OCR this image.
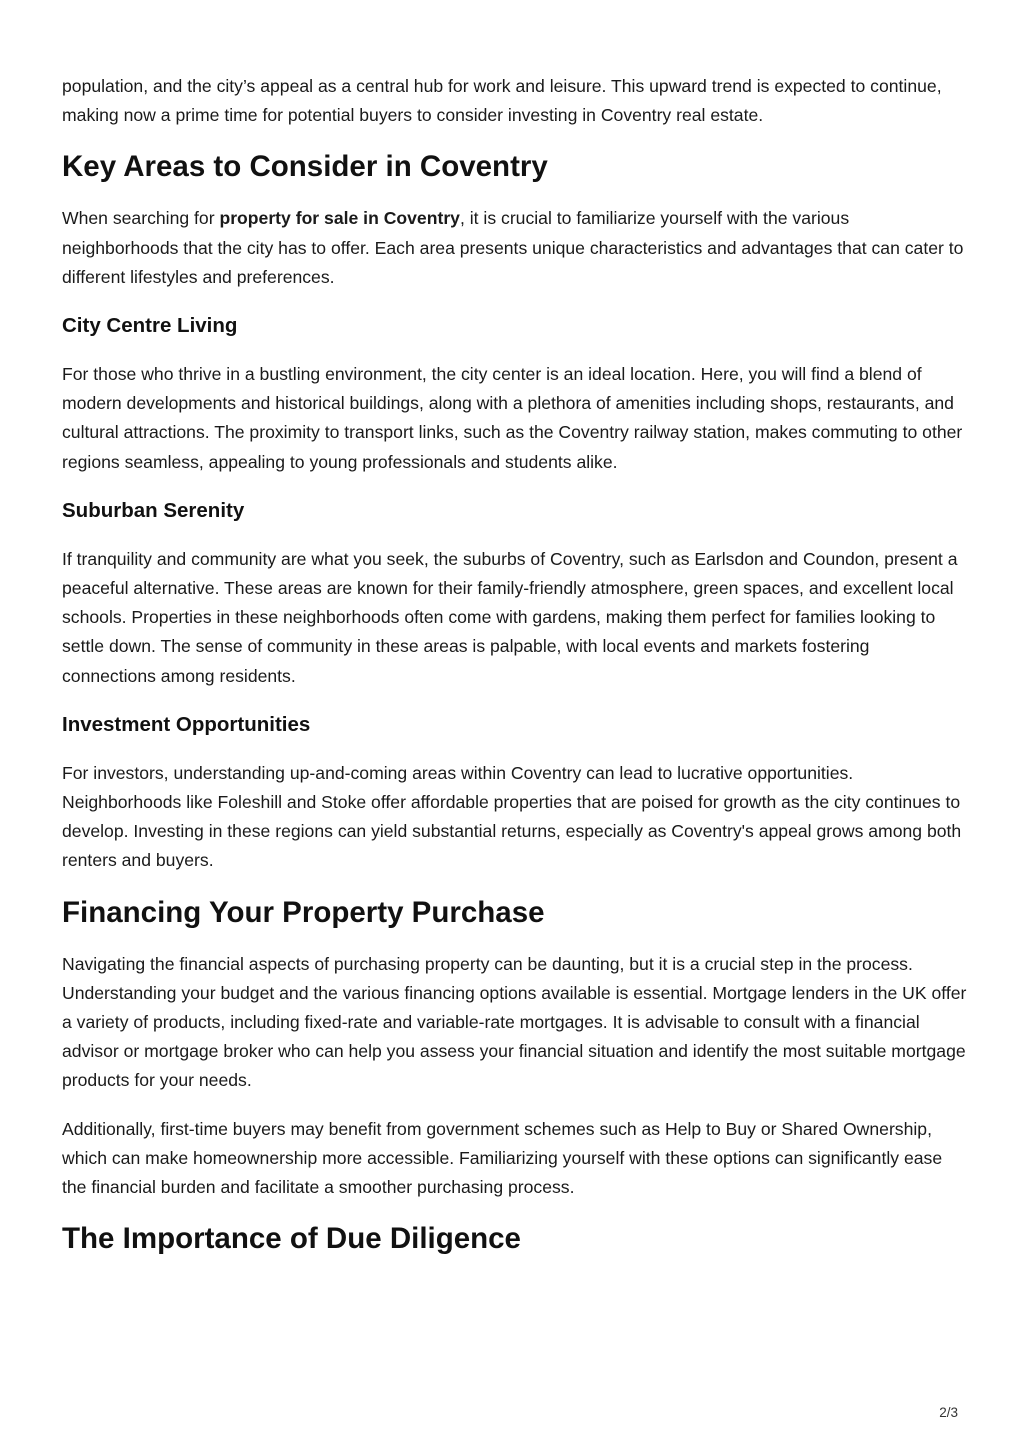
population, and the city’s appeal as a central hub for work and leisure. This upward trend is expected to continue, making now a prime time for potential buyers to consider investing in Coventry real estate.

Key Areas to Consider in Coventry

When searching for property for sale in Coventry, it is crucial to familiarize yourself with the various neighborhoods that the city has to offer. Each area presents unique characteristics and advantages that can cater to different lifestyles and preferences.

City Centre Living

For those who thrive in a bustling environment, the city center is an ideal location. Here, you will find a blend of modern developments and historical buildings, along with a plethora of amenities including shops, restaurants, and cultural attractions. The proximity to transport links, such as the Coventry railway station, makes commuting to other regions seamless, appealing to young professionals and students alike.

Suburban Serenity

If tranquility and community are what you seek, the suburbs of Coventry, such as Earlsdon and Coundon, present a peaceful alternative. These areas are known for their family-friendly atmosphere, green spaces, and excellent local schools. Properties in these neighborhoods often come with gardens, making them perfect for families looking to settle down. The sense of community in these areas is palpable, with local events and markets fostering connections among residents.

Investment Opportunities

For investors, understanding up-and-coming areas within Coventry can lead to lucrative opportunities. Neighborhoods like Foleshill and Stoke offer affordable properties that are poised for growth as the city continues to develop. Investing in these regions can yield substantial returns, especially as Coventry's appeal grows among both renters and buyers.

Financing Your Property Purchase

Navigating the financial aspects of purchasing property can be daunting, but it is a crucial step in the process. Understanding your budget and the various financing options available is essential. Mortgage lenders in the UK offer a variety of products, including fixed-rate and variable-rate mortgages. It is advisable to consult with a financial advisor or mortgage broker who can help you assess your financial situation and identify the most suitable mortgage products for your needs.

Additionally, first-time buyers may benefit from government schemes such as Help to Buy or Shared Ownership, which can make homeownership more accessible. Familiarizing yourself with these options can significantly ease the financial burden and facilitate a smoother purchasing process.

The Importance of Due Diligence
2/3
